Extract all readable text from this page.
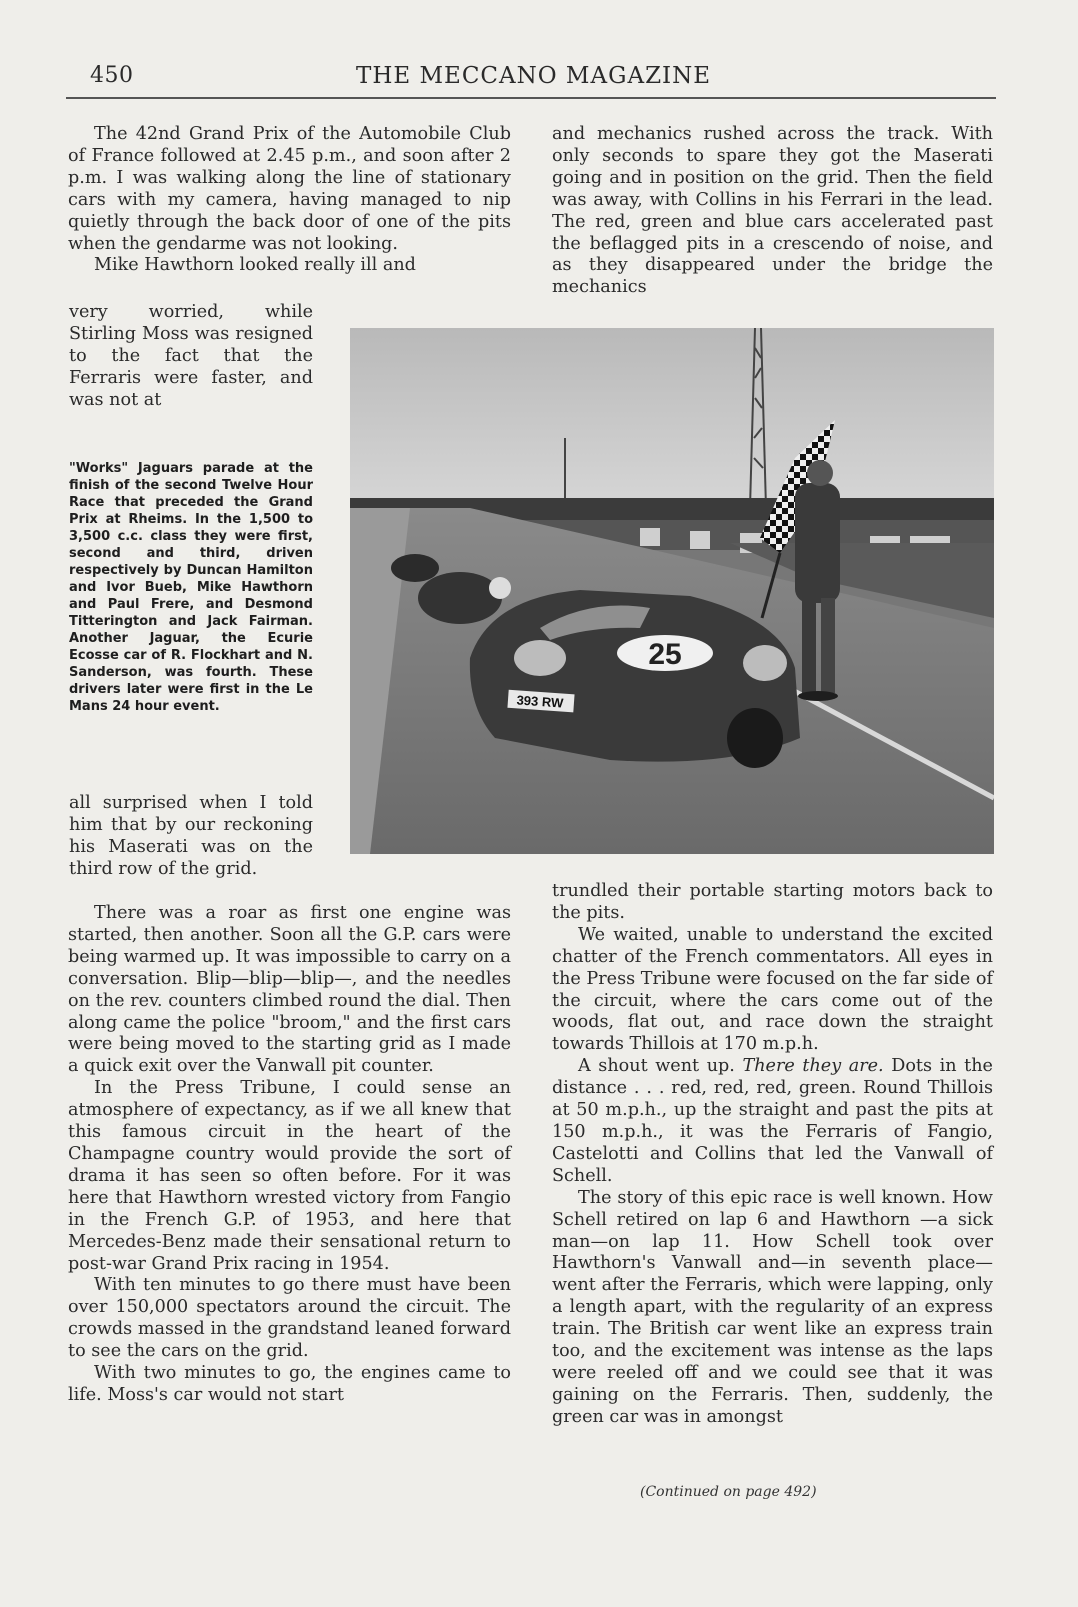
450	THE MECCANO MAGAZINE

The 42nd Grand Prix of the Automobile Club of France followed at 2.45 p.m., and soon after 2 p.m. I was walking along the line of stationary cars with my camera, having managed to nip quietly through the back door of one of the pits when the gendarme was not looking.

Mike Hawthorn looked really ill and

very worried, while Stirling Moss was resigned to the fact that the Ferraris were faster, and was not at

"Works" Jaguars parade at the finish of the second Twelve Hour Race that preceded the Grand Prix at Rheims. In the 1,500 to 3,500 c.c. class they were first, second and third, driven respectively by Duncan Hamilton and Ivor Bueb, Mike Hawthorn and Paul Frere, and Desmond Titterington and Jack Fairman. Another Jaguar, the Ecurie Ecosse car of R. Flockhart and N. Sanderson, was fourth. These drivers later were first in the Le Mans 24 hour event.

all surprised when I told him that by our reckoning his Maserati was on the third row of the grid.

There was a roar as first one engine was started, then another. Soon all the G.P. cars were being warmed up. It was impossible to carry on a conversation. Blip—blip—blip—, and the needles on the rev. counters climbed round the dial. Then along came the police "broom," and the first cars were being moved to the starting grid as I made a quick exit over the Vanwall pit counter.

In the Press Tribune, I could sense an atmosphere of expectancy, as if we all knew that this famous circuit in the heart of the Champagne country would provide the sort of drama it has seen so often before. For it was here that Hawthorn wrested victory from Fangio in the French G.P. of 1953, and here that Mercedes-Benz made their sensational return to post-war Grand Prix racing in 1954.

With ten minutes to go there must have been over 150,000 spectators around the circuit. The crowds massed in the grandstand leaned forward to see the cars on the grid.

With two minutes to go, the engines came to life. Moss's car would not start

and mechanics rushed across the track. With only seconds to spare they got the Maserati going and in position on the grid. Then the field was away, with Collins in his Ferrari in the lead. The red, green and blue cars accelerated past the beflagged pits in a crescendo of noise, and as they disappeared under the bridge the mechanics

25
393 RW

trundled their portable starting motors back to the pits.

We waited, unable to understand the excited chatter of the French commentators. All eyes in the Press Tribune were focused on the far side of the circuit, where the cars come out of the woods, flat out, and race down the straight towards Thillois at 170 m.p.h.

A shout went up. There they are. Dots in the distance . . . red, red, red, green. Round Thillois at 50 m.p.h., up the straight and past the pits at 150 m.p.h., it was the Ferraris of Fangio, Castelotti and Collins that led the Vanwall of Schell.

The story of this epic race is well known. How Schell retired on lap 6 and Hawthorn —a sick man—on lap 11. How Schell took over Hawthorn's Vanwall and—in seventh place—went after the Ferraris, which were lapping, only a length apart, with the regularity of an express train. The British car went like an express train too, and the excitement was intense as the laps were reeled off and we could see that it was gaining on the Ferraris. Then, suddenly, the green car was in amongst

(Continued on page 492)
